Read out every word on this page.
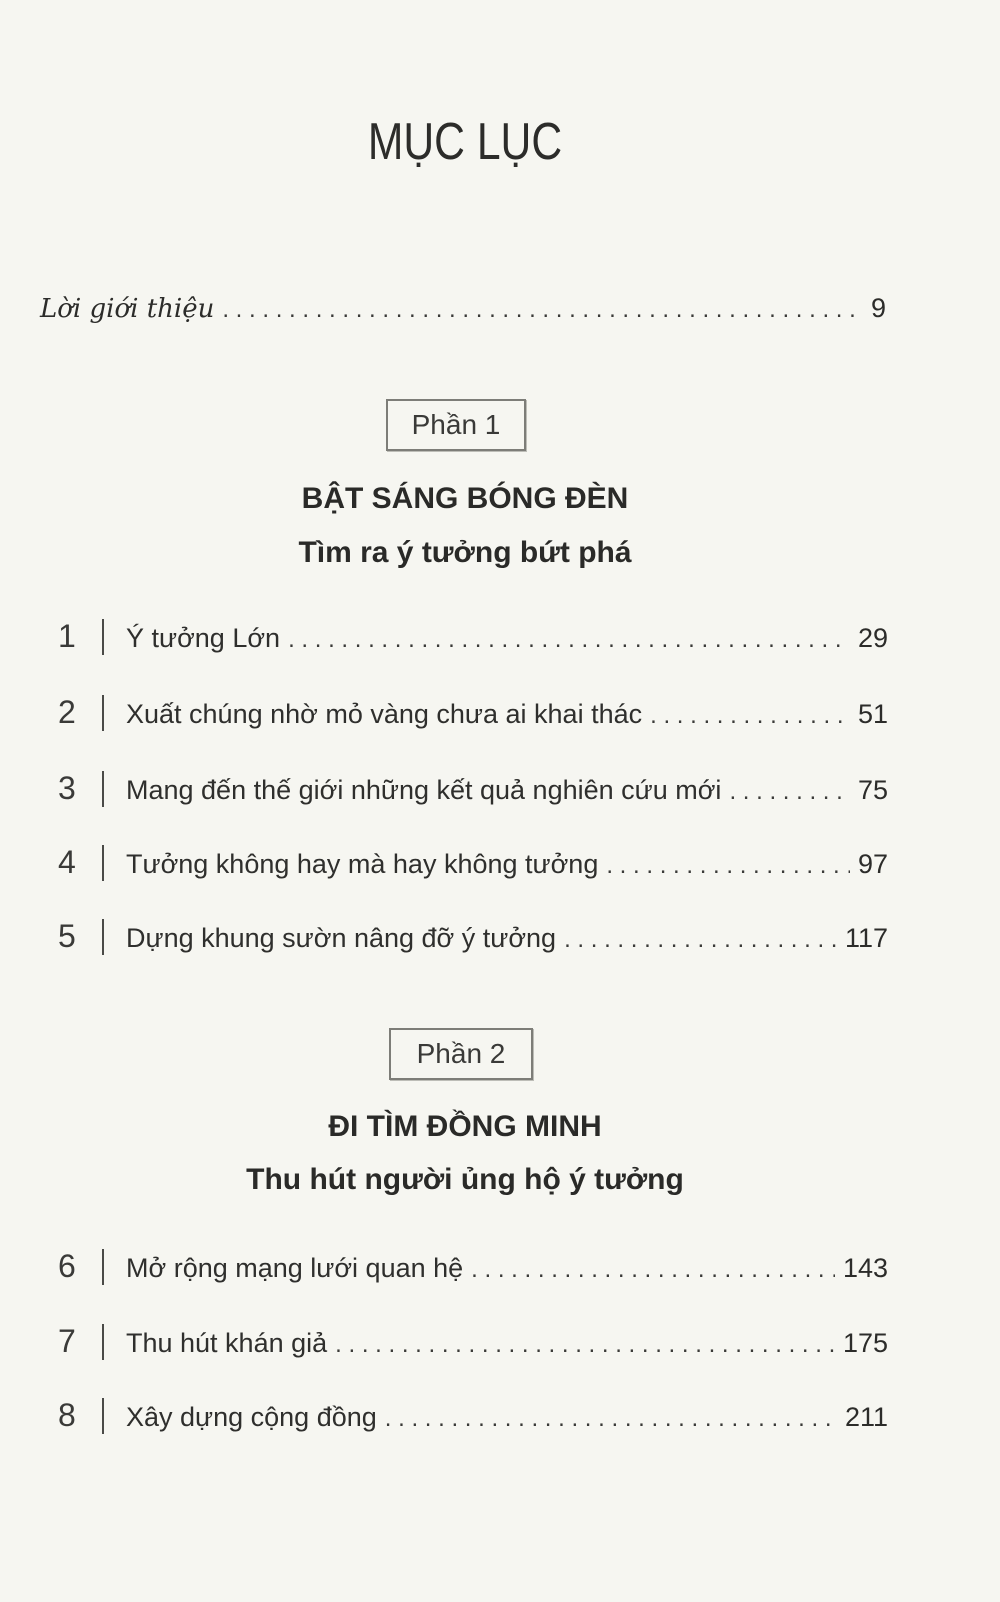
MỤC LỤC
Lời giới thiệu . . .	9
Phần 1
BẬT SÁNG BÓNG ĐÈN
Tìm ra ý tưởng bứt phá
1	Ý tưởng Lớn . . .	29
2	Xuất chúng nhờ mỏ vàng chưa ai khai thác . . .	51
3	Mang đến thế giới những kết quả nghiên cứu mới . . .	75
4	Tưởng không hay mà hay không tưởng . . .	97
5	Dựng khung sườn nâng đỡ ý tưởng . . .	117
Phần 2
ĐI TÌM ĐỒNG MINH
Thu hút người ủng hộ ý tưởng
6	Mở rộng mạng lưới quan hệ . . .	143
7	Thu hút khán giả . . .	175
8	Xây dựng cộng đồng . . .	211
